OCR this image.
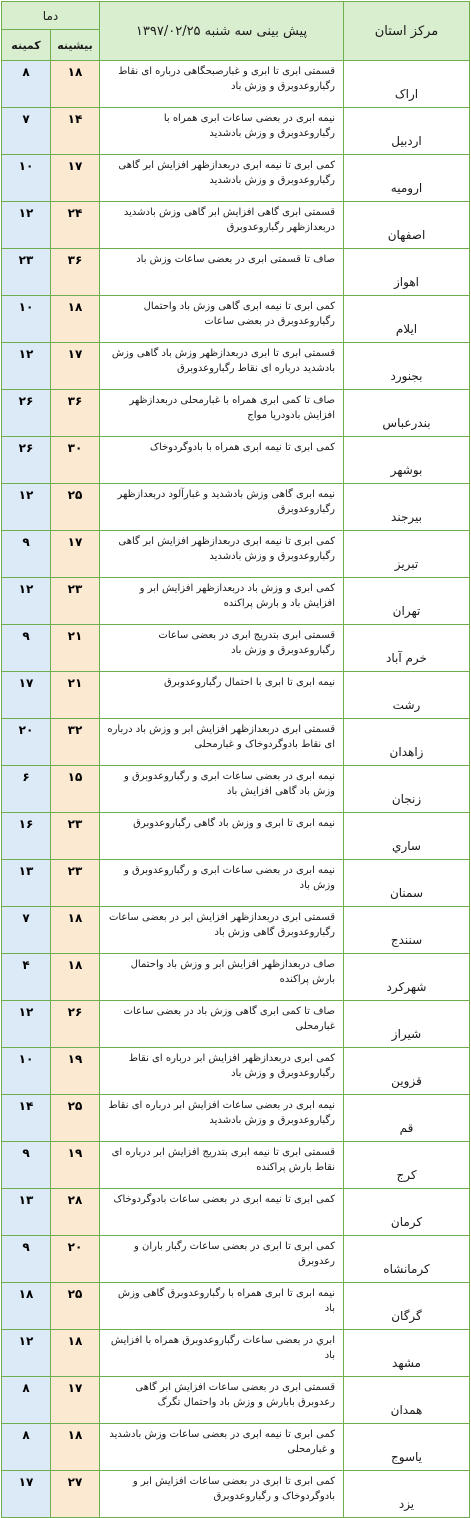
مرکز استان	پیش بینی سه شنبه ۱۳۹۷/۰۲/۲۵	دما	
		بیشینه	کمینه
اراک	قسمتی ابری تا ابری و غبارصبحگاهی درباره ای نقاط رگباروعدوبرق و وزش باد	۱۸	۸
اردبیل	نیمه ابری در بعضی ساعات ابری همراه با رگباروعدوبرق و وزش بادشدید	۱۴	۷
ارومیه	کمی ابری تا نیمه ابری دربعدازظهر افزایش ابر گاهی رگباروعدوبرق و وزش بادشدید	۱۷	۱۰
اصفهان	قسمتی ابری گاهی افزایش ابر گاهی وزش بادشدید دربعدازظهر رگباروعدوبرق	۲۴	۱۲
اهواز	صاف تا قسمتی ابری در بعضی ساعات وزش باد	۳۶	۲۳
ایلام	کمی ابری تا نیمه ابری گاهی وزش باد واحتمال رگباروعدوبرق در بعضی ساعات	۱۸	۱۰
بجنورد	قسمتی ابری تا ابری دربعدازظهر وزش باد گاهی وزش بادشدید درباره ای نقاط رگباروعدوبرق	۱۷	۱۲
بندرعباس	صاف تا کمی ابری همراه با غبارمحلی دربعدازظهر افزایش بادودریا مواج	۳۶	۲۶
بوشهر	کمی ابری تا نیمه ابری همراه با بادوگردوخاک	۳۰	۲۶
بیرجند	نیمه ابری گاهی وزش بادشدید و غبارآلود دربعدازظهر رگباروعدوبرق	۲۵	۱۲
تبریز	کمی ابری تا نیمه ابری دربعدازظهر افزایش ابر گاهی رگباروعدوبرق و وزش بادشدید	۱۷	۹
تهران	کمی ابری و وزش باد دربعدازظهر افزایش ابر و افزایش باد و بارش پراکنده	۲۳	۱۲
خرم آباد	قسمتی ابری بتدریج ابری در بعضی ساعات رگباروعدوبرق و وزش باد	۲۱	۹
رشت	نیمه ابری تا ابری با احتمال رگباروعدوبرق	۲۱	۱۷
زاهدان	قسمتی ابری دربعدازظهر افزایش ابر و وزش باد درباره ای نقاط بادوگردوخاک و غبارمحلی	۳۲	۲۰
زنجان	نیمه ابری در بعضی ساعات ابری و رگباروعدوبرق و وزش باد گاهی افزایش باد	۱۵	۶
ساري	نیمه ابری تا ابری و وزش باد گاهی رگباروعدوبرق	۲۳	۱۶
سمنان	نیمه ابری در بعضی ساعات ابری و رگباروعدوبرق و وزش باد	۲۳	۱۳
سنندج	قسمتی ابری دربعدازظهر افزایش ابر در بعضی ساعات رگباروعدوبرق گاهی وزش باد	۱۸	۷
شهرکرد	صاف دربعدازظهر افزایش ابر و وزش باد واحتمال بارش پراکنده	۱۸	۴
شیراز	صاف تا کمی ابری گاهی وزش باد در بعضی ساعات غبارمحلی	۲۶	۱۲
قزوین	کمی ابری دربعدازظهر افزایش ابر درباره ای نقاط رگباروعدوبرق و وزش باد	۱۹	۱۰
قم	نیمه ابری در بعضی ساعات افزایش ابر درباره ای نقاط رگباروعدوبرق و وزش بادشدید	۲۵	۱۴
کرج	قسمتی ابری تا نیمه ابری بتدریج افزایش ابر درباره ای نقاط بارش پراکنده	۱۹	۹
کرمان	کمی ابری تا نیمه ابری در بعضی ساعات بادوگردوخاک	۲۸	۱۳
کرمانشاه	کمی ابری تا ابری در بعضی ساعات رگبار باران و رعدوبرق	۲۰	۹
گرگان	نیمه ابری تا ابری همراه با رگباروعدوبرق گاهی وزش باد	۲۵	۱۸
مشهد	ابري در بعضی ساعات رگباروعدوبرق همراه با افزایش باد	۱۸	۱۲
همدان	قسمتی ابری در بعضی ساعات افزایش ابر گاهی رعدوبرق بابارش و وزش باد واحتمال تگرگ	۱۷	۸
یاسوج	کمی ابری تا نیمه ابری در بعضی ساعات وزش بادشدید و غبارمحلی	۱۸	۸
یزد	کمی ابری تا ابری در بعضی ساعات افزایش ابر و بادوگردوخاک و رگباروعدوبرق	۲۷	۱۷
